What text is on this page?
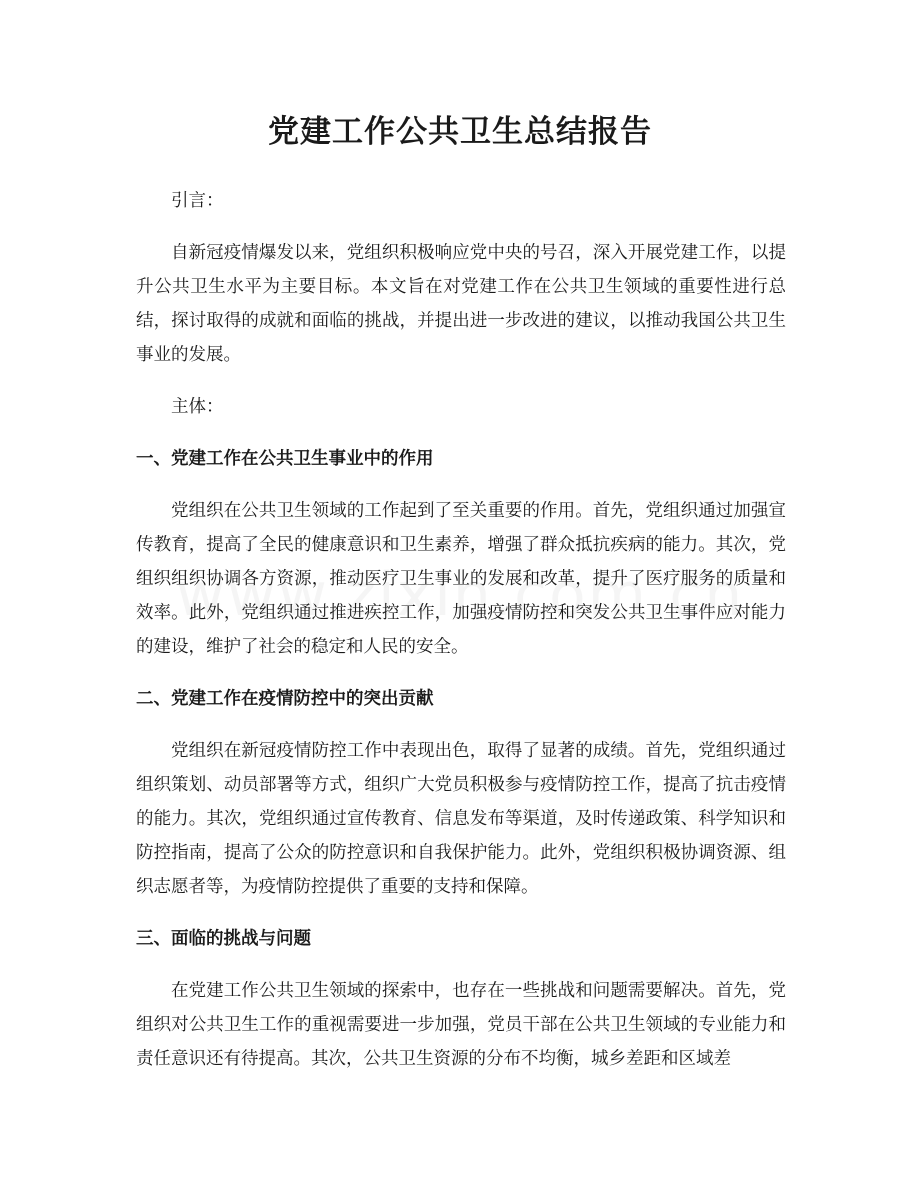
党建工作公共卫生总结报告

引言：

自新冠疫情爆发以来，党组织积极响应党中央的号召，深入开展党建工作，以提升公共卫生水平为主要目标。本文旨在对党建工作在公共卫生领域的重要性进行总结，探讨取得的成就和面临的挑战，并提出进一步改进的建议，以推动我国公共卫生事业的发展。

主体：

一、党建工作在公共卫生事业中的作用

党组织在公共卫生领域的工作起到了至关重要的作用。首先，党组织通过加强宣传教育，提高了全民的健康意识和卫生素养，增强了群众抵抗疾病的能力。其次，党组织组织协调各方资源，推动医疗卫生事业的发展和改革，提升了医疗服务的质量和效率。此外，党组织通过推进疾控工作，加强疫情防控和突发公共卫生事件应对能力的建设，维护了社会的稳定和人民的安全。

二、党建工作在疫情防控中的突出贡献

党组织在新冠疫情防控工作中表现出色，取得了显著的成绩。首先，党组织通过组织策划、动员部署等方式，组织广大党员积极参与疫情防控工作，提高了抗击疫情的能力。其次，党组织通过宣传教育、信息发布等渠道，及时传递政策、科学知识和防控指南，提高了公众的防控意识和自我保护能力。此外，党组织积极协调资源、组织志愿者等，为疫情防控提供了重要的支持和保障。

三、面临的挑战与问题

在党建工作公共卫生领域的探索中，也存在一些挑战和问题需要解决。首先，党组织对公共卫生工作的重视需要进一步加强，党员干部在公共卫生领域的专业能力和责任意识还有待提高。其次，公共卫生资源的分布不均衡，城乡差距和区域差
